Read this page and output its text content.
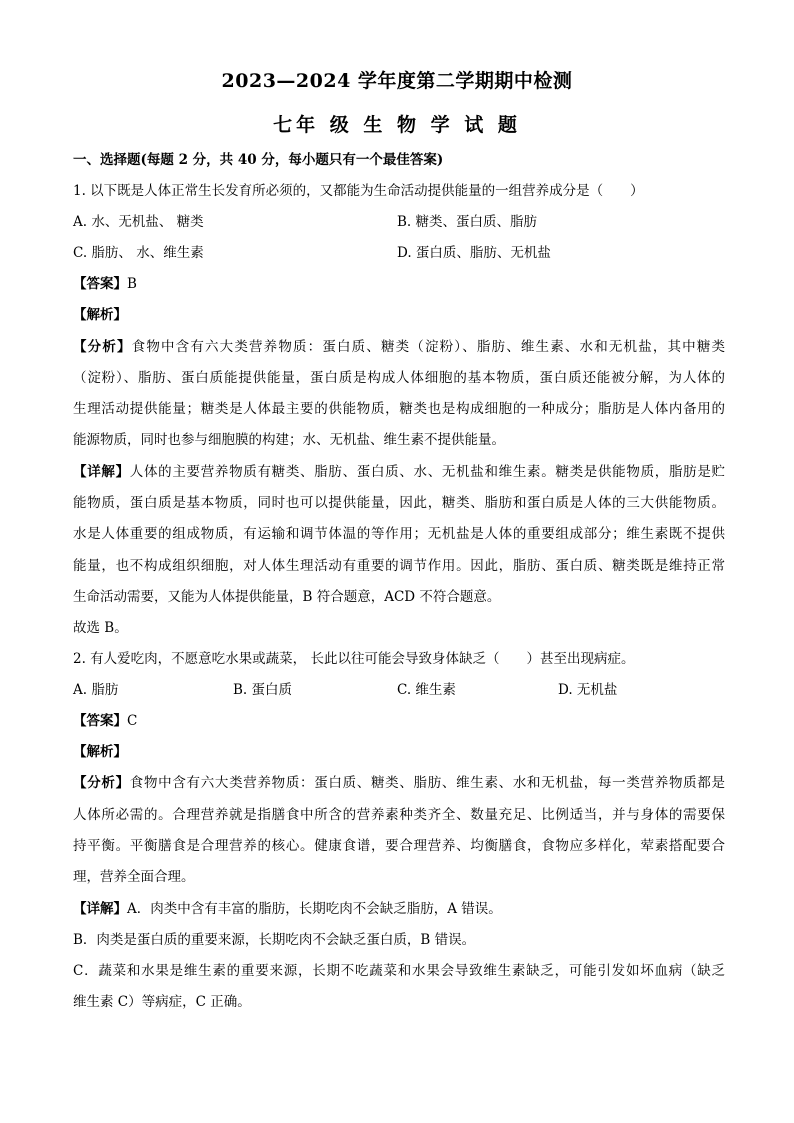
2023—2024 学年度第二学期期中检测
七年 级 生 物 学 试 题
一、选择题(每题 2 分，共 40 分，每小题只有一个最佳答案)
1. 以下既是人体正常生长发育所必须的，又都能为生命活动提供能量的一组营养成分是（　　）
A. 水、无机盐、 糖类	B. 糖类、蛋白质、脂肪
C. 脂肪、 水、维生素	D. 蛋白质、脂肪、无机盐
【答案】B
【解析】
【分析】食物中含有六大类营养物质：蛋白质、糖类（淀粉）、脂肪、维生素、水和无机盐，其中糖类
（淀粉）、脂肪、蛋白质能提供能量，蛋白质是构成人体细胞的基本物质，蛋白质还能被分解，为人体的
生理活动提供能量；糖类是人体最主要的供能物质，糖类也是构成细胞的一种成分；脂肪是人体内备用的
能源物质，同时也参与细胞膜的构建；水、无机盐、维生素不提供能量。
【详解】人体的主要营养物质有糖类、脂肪、蛋白质、水、无机盐和维生素。糖类是供能物质，脂肪是贮
能物质，蛋白质是基本物质，同时也可以提供能量，因此，糖类、脂肪和蛋白质是人体的三大供能物质。
水是人体重要的组成物质，有运输和调节体温的等作用；无机盐是人体的重要组成部分；维生素既不提供
能量，也不构成组织细胞，对人体生理活动有重要的调节作用。因此，脂肪、蛋白质、糖类既是维持正常
生命活动需要，又能为人体提供能量，B 符合题意，ACD 不符合题意。
故选 B。
2. 有人爱吃肉，不愿意吃水果或蔬菜， 长此以往可能会导致身体缺乏（　　）甚至出现病症。
A. 脂肪	B. 蛋白质	C. 维生素	D. 无机盐
【答案】C
【解析】
【分析】食物中含有六大类营养物质：蛋白质、糖类、脂肪、维生素、水和无机盐，每一类营养物质都是
人体所必需的。合理营养就是指膳食中所含的营养素种类齐全、数量充足、比例适当，并与身体的需要保
持平衡。平衡膳食是合理营养的核心。健康食谱，要合理营养、均衡膳食，食物应多样化，荤素搭配要合
理，营养全面合理。
【详解】A．肉类中含有丰富的脂肪，长期吃肉不会缺乏脂肪，A 错误。
B．肉类是蛋白质的重要来源，长期吃肉不会缺乏蛋白质，B 错误。
C．蔬菜和水果是维生素的重要来源，长期不吃蔬菜和水果会导致维生素缺乏，可能引发如坏血病（缺乏
维生素 C）等病症，C 正确。
